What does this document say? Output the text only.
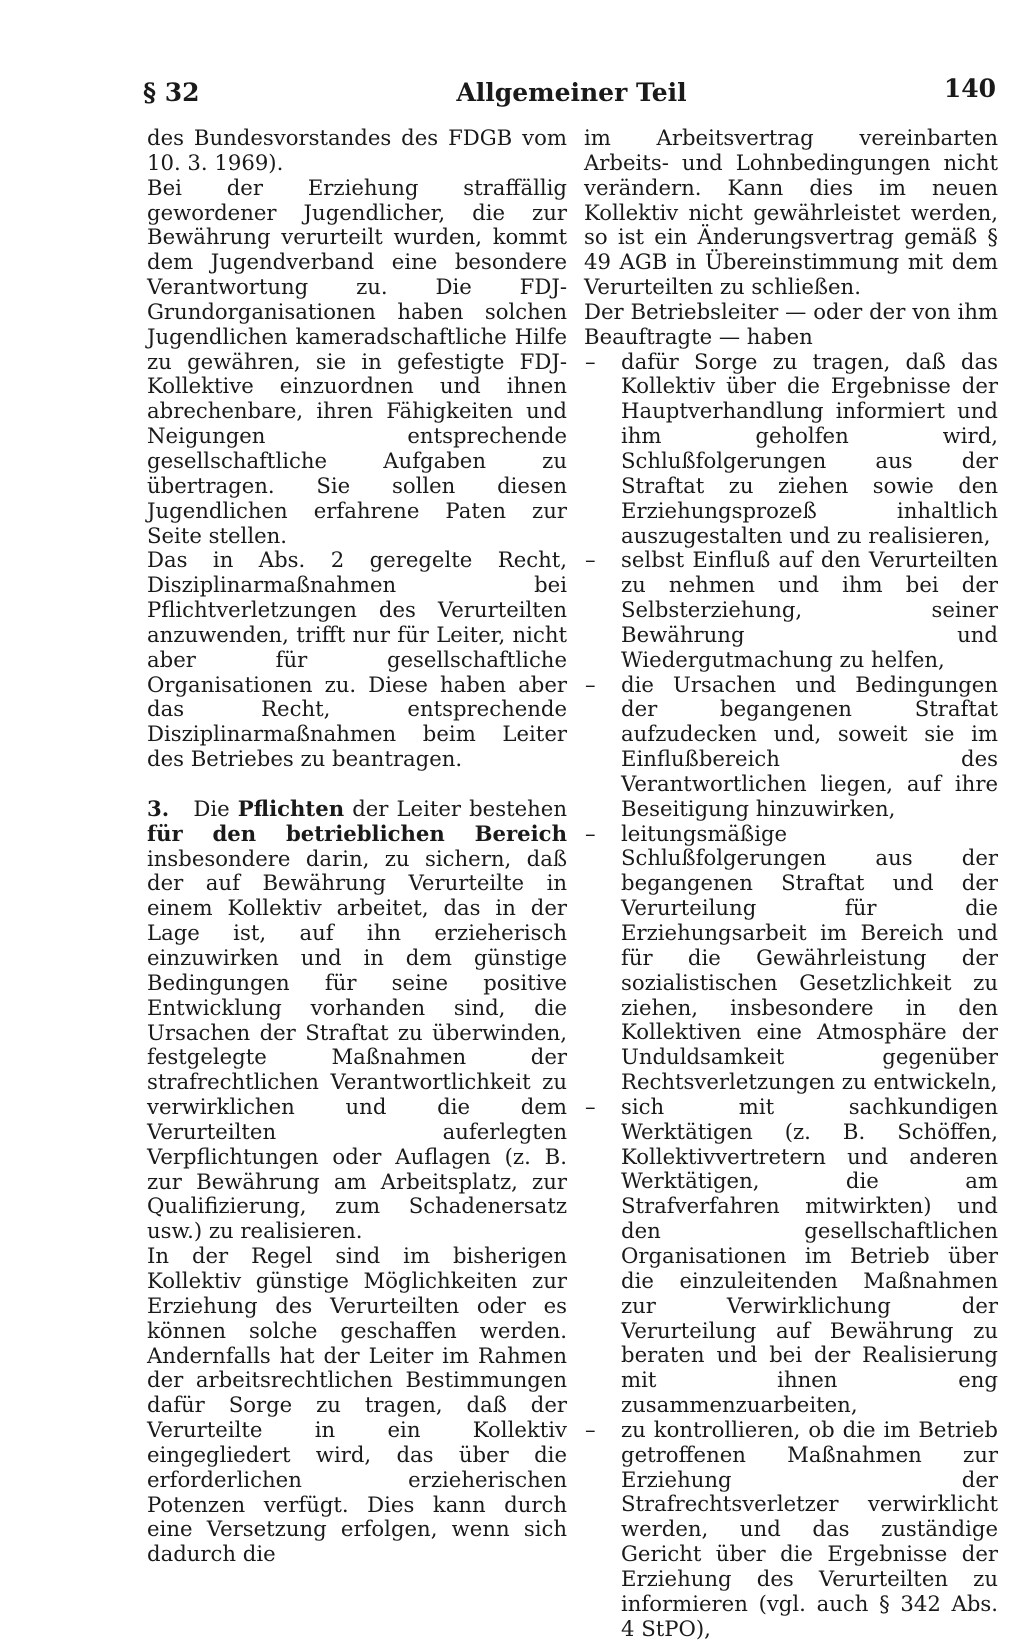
§ 32	Allgemeiner Teil	140

des Bundesvorstandes des FDGB vom 10. 3. 1969).

Bei der Erziehung straffällig gewordener Jugendlicher, die zur Bewährung verurteilt wurden, kommt dem Jugendverband eine besondere Verantwortung zu. Die FDJ-Grundorganisationen haben solchen Jugendlichen kameradschaftliche Hilfe zu gewähren, sie in gefestigte FDJ-Kollektive einzuordnen und ihnen abrechenbare, ihren Fähigkeiten und Neigungen entsprechende gesellschaftliche Aufgaben zu übertragen. Sie sollen diesen Jugendlichen erfahrene Paten zur Seite stellen.

Das in Abs. 2 geregelte Recht, Disziplinarmaßnahmen bei Pflichtverletzungen des Verurteilten anzuwenden, trifft nur für Leiter, nicht aber für gesellschaftliche Organisationen zu. Diese haben aber das Recht, entsprechende Disziplinarmaßnahmen beim Leiter des Betriebes zu beantragen.

3. Die Pflichten der Leiter bestehen für den betrieblichen Bereich insbesondere darin, zu sichern, daß der auf Bewährung Verurteilte in einem Kollektiv arbeitet, das in der Lage ist, auf ihn erzieherisch einzuwirken und in dem günstige Bedingungen für seine positive Entwicklung vorhanden sind, die Ursachen der Straftat zu überwinden, festgelegte Maßnahmen der strafrechtlichen Verantwortlichkeit zu verwirklichen und die dem Verurteilten auferlegten Verpflichtungen oder Auflagen (z. B. zur Bewährung am Arbeitsplatz, zur Qualifizierung, zum Schadenersatz usw.) zu realisieren.

In der Regel sind im bisherigen Kollektiv günstige Möglichkeiten zur Erziehung des Verurteilten oder es können solche geschaffen werden. Andernfalls hat der Leiter im Rahmen der arbeitsrechtlichen Bestimmungen dafür Sorge zu tragen, daß der Verurteilte in ein Kollektiv eingegliedert wird, das über die erforderlichen erzieherischen Potenzen verfügt. Dies kann durch eine Versetzung erfolgen, wenn sich dadurch die

im Arbeitsvertrag vereinbarten Arbeits- und Lohnbedingungen nicht verändern. Kann dies im neuen Kollektiv nicht gewährleistet werden, so ist ein Änderungsvertrag gemäß § 49 AGB in Übereinstimmung mit dem Verurteilten zu schließen.

Der Betriebsleiter — oder der von ihm Beauftragte — haben

– dafür Sorge zu tragen, daß das Kollektiv über die Ergebnisse der Hauptverhandlung informiert und ihm geholfen wird, Schlußfolgerungen aus der Straftat zu ziehen sowie den Erziehungsprozeß inhaltlich auszugestalten und zu realisieren,
– selbst Einfluß auf den Verurteilten zu nehmen und ihm bei der Selbsterziehung, seiner Bewährung und Wiedergutmachung zu helfen,
– die Ursachen und Bedingungen der begangenen Straftat aufzudecken und, soweit sie im Einflußbereich des Verantwortlichen liegen, auf ihre Beseitigung hinzuwirken,
– leitungsmäßige Schlußfolgerungen aus der begangenen Straftat und der Verurteilung für die Erziehungsarbeit im Bereich und für die Gewährleistung der sozialistischen Gesetzlichkeit zu ziehen, insbesondere in den Kollektiven eine Atmosphäre der Unduldsamkeit gegenüber Rechtsverletzungen zu entwickeln,
– sich mit sachkundigen Werktätigen (z. B. Schöffen, Kollektivvertretern und anderen Werktätigen, die am Strafverfahren mitwirkten) und den gesellschaftlichen Organisationen im Betrieb über die einzuleitenden Maßnahmen zur Verwirklichung der Verurteilung auf Bewährung zu beraten und bei der Realisierung mit ihnen eng zusammenzuarbeiten,
– zu kontrollieren, ob die im Betrieb getroffenen Maßnahmen zur Erziehung der Strafrechtsverletzer verwirklicht werden, und das zuständige Gericht über die Ergebnisse der Erziehung des Verurteilten zu informieren (vgl. auch § 342 Abs. 4 StPO),
